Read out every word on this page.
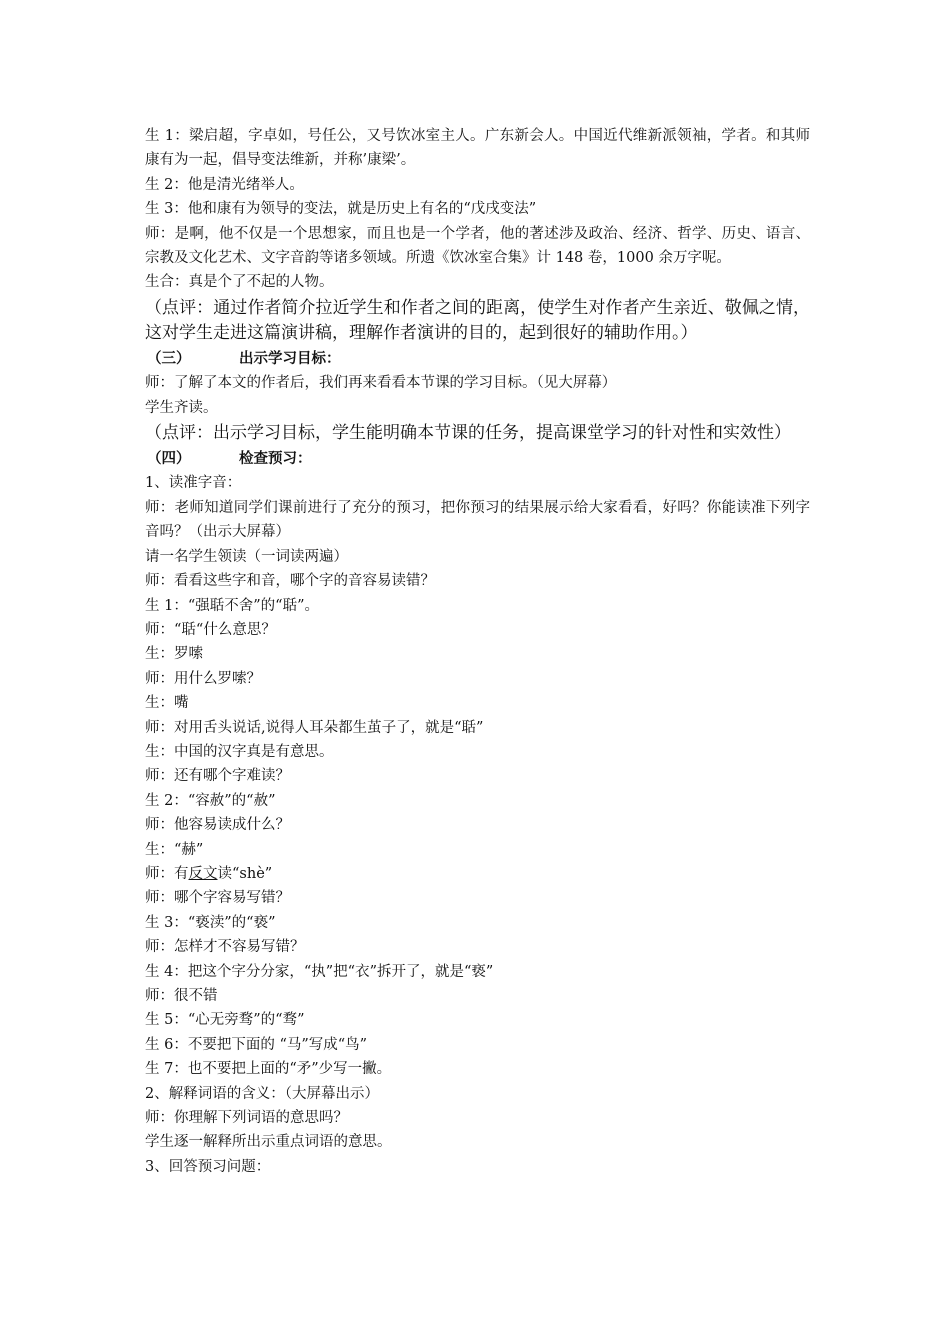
生 1：梁启超，字卓如，号任公，又号饮冰室主人。广东新会人。中国近代维新派领袖，学者。和其师康有为一起，倡导变法维新，并称’康梁’。
生 2：他是清光绪举人。
生 3：他和康有为领导的变法，就是历史上有名的“戊戌变法”
师：是啊，他不仅是一个思想家，而且也是一个学者，他的著述涉及政治、经济、哲学、历史、语言、宗教及文化艺术、文字音韵等诸多领域。所遗《饮冰室合集》计 148 卷，1000 余万字呢。
生合：真是个了不起的人物。
（点评：通过作者简介拉近学生和作者之间的距离，使学生对作者产生亲近、敬佩之情，这对学生走进这篇演讲稿，理解作者演讲的目的，起到很好的辅助作用。）
（三）	出示学习目标：
师：了解了本文的作者后，我们再来看看本节课的学习目标。（见大屏幕）
学生齐读。
（点评：出示学习目标，学生能明确本节课的任务，提高课堂学习的针对性和实效性）
（四）	检查预习：
1、读准字音：
师：老师知道同学们课前进行了充分的预习，把你预习的结果展示给大家看看，好吗？你能读准下列字音吗？（出示大屏幕）
请一名学生领读（一词读两遍）
师：看看这些字和音，哪个字的音容易读错？
生 1：“强聒不舍”的“聒”。
师：“聒“什么意思？
生：罗嗦
师：用什么罗嗦？
生：嘴
师：对用舌头说话,说得人耳朵都生茧子了，就是“聒”
生：中国的汉字真是有意思。
师：还有哪个字难读？
生 2：“容赦”的“赦”
师：他容易读成什么？
生：“赫”
师：有反文读“shè”
师：哪个字容易写错？
生 3：“亵渎”的“亵”
师：怎样才不容易写错？
生 4：把这个字分分家，“执”把“衣”拆开了，就是“亵”
师：很不错
生 5：“心无旁骛”的“骛”
生 6：不要把下面的 “马”写成“鸟”
生 7：也不要把上面的“矛”少写一撇。
2、解释词语的含义：（大屏幕出示）
师：你理解下列词语的意思吗？
学生逐一解释所出示重点词语的意思。
3、回答预习问题：
